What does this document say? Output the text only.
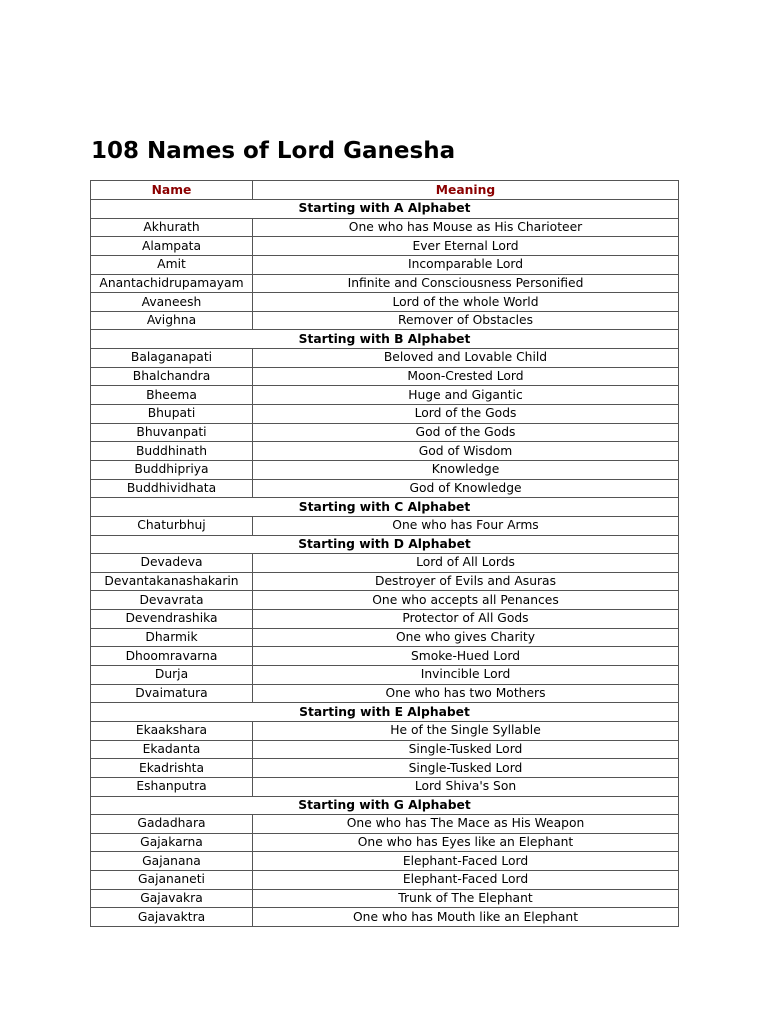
108 Names of Lord Ganesha
Name	Meaning
Starting with A Alphabet	
Akhurath	One who has Mouse as His Charioteer
Alampata	Ever Eternal Lord
Amit	Incomparable Lord
Anantachidrupamayam	Infinite and Consciousness Personified
Avaneesh	Lord of the whole World
Avighna	Remover of Obstacles
Starting with B Alphabet	
Balaganapati	Beloved and Lovable Child
Bhalchandra	Moon-Crested Lord
Bheema	Huge and Gigantic
Bhupati	Lord of the Gods
Bhuvanpati	God of the Gods
Buddhinath	God of Wisdom
Buddhipriya	Knowledge
Buddhividhata	God of Knowledge
Starting with C Alphabet	
Chaturbhuj	One who has Four Arms
Starting with D Alphabet	
Devadeva	Lord of All Lords
Devantakanashakarin	Destroyer of Evils and Asuras
Devavrata	One who accepts all Penances
Devendrashika	Protector of All Gods
Dharmik	One who gives Charity
Dhoomravarna	Smoke-Hued Lord
Durja	Invincible Lord
Dvaimatura	One who has two Mothers
Starting with E Alphabet	
Ekaakshara	He of the Single Syllable
Ekadanta	Single-Tusked Lord
Ekadrishta	Single-Tusked Lord
Eshanputra	Lord Shiva's Son
Starting with G Alphabet	
Gadadhara	One who has The Mace as His Weapon
Gajakarna	One who has Eyes like an Elephant
Gajanana	Elephant-Faced Lord
Gajananeti	Elephant-Faced Lord
Gajavakra	Trunk of The Elephant
Gajavaktra	One who has Mouth like an Elephant
